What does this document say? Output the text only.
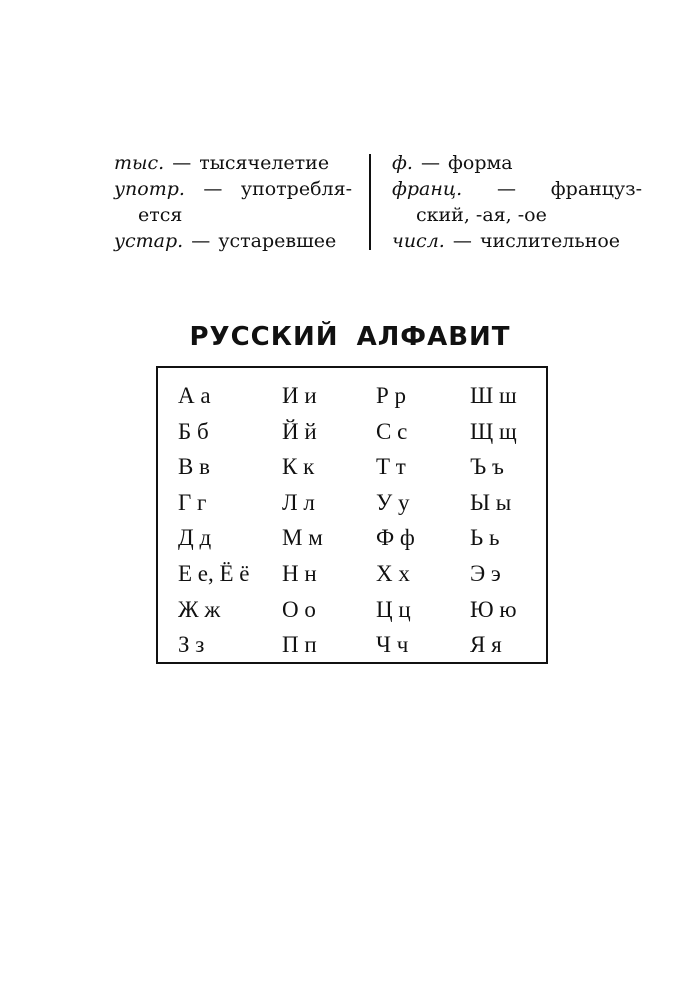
тыс. — тысячелетие
употр. — употребля-
ется
устар. — устаревшее
ф. — форма
франц. — француз-
ский, -ая, -ое
числ. — числительное
РУССКИЙ АЛФАВИТ
А а	И и	Р р	Ш ш
Б б	Й й	С с	Щ щ
В в	К к	Т т	Ъ ъ
Г г	Л л	У у	Ы ы
Д д	М м	Ф ф	Ь ь
Е е, Ё ё	Н н	Х х	Э э
Ж ж	О о	Ц ц	Ю ю
З з	П п	Ч ч	Я я
